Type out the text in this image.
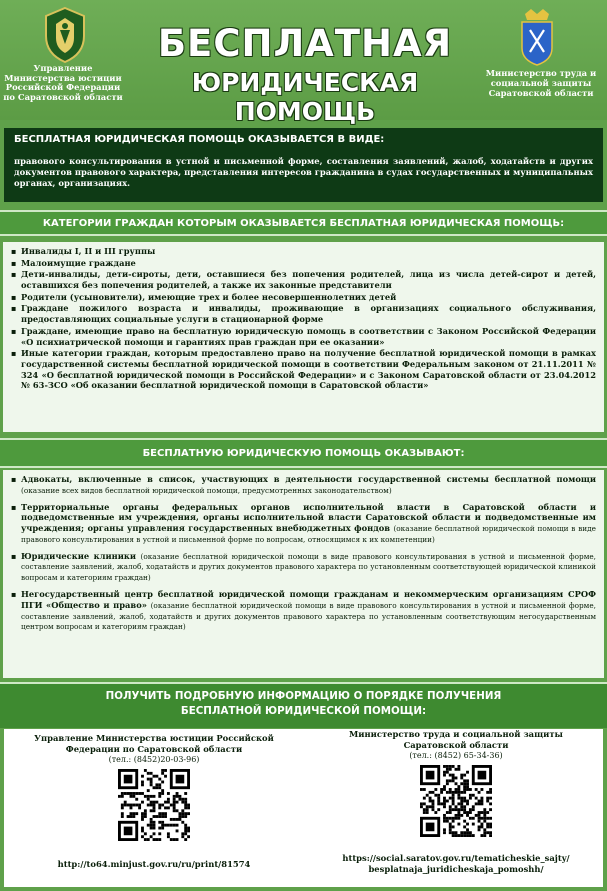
Управление Министерства юстиции Российской Федерации по Саратовской области
БЕСПЛАТНАЯ
ЮРИДИЧЕСКАЯ ПОМОЩЬ
Министерство труда и социальной защиты Саратовской области
БЕСПЛАТНАЯ ЮРИДИЧЕСКАЯ ПОМОЩЬ ОКАЗЫВАЕТСЯ В ВИДЕ:
правового консультирования в устной и письменной форме, составления заявлений, жалоб, ходатайств и других документов правового характера, представления интересов гражданина в судах государственных и муниципальных органах, организациях.
КАТЕГОРИИ ГРАЖДАН КОТОРЫМ ОКАЗЫВАЕТСЯ БЕСПЛАТНАЯ ЮРИДИЧЕСКАЯ ПОМОЩЬ:
▪ Инвалиды I, II и III группы
▪ Малоимущие граждане
▪ Дети-инвалиды, дети-сироты, дети, оставшиеся без попечения родителей, лица из числа детей-сирот и детей, оставшихся без попечения родителей, а также их законные представители
▪ Родители (усыновители), имеющие трех и более несовершеннолетних детей
▪ Граждане пожилого возраста и инвалиды, проживающие в организациях социального обслуживания, предоставляющих социальные услуги в стационарной форме
▪ Граждане, имеющие право на бесплатную юридическую помощь в соответствии с Законом Российской Федерации «О психиатрической помощи и гарантиях прав граждан при ее оказании»
▪ Иные категории граждан, которым предоставлено право на получение бесплатной юридической помощи в рамках государственной системы бесплатной юридической помощи в соответствии Федеральным законом от 21.11.2011 № 324 «О бесплатной юридической помощи в Российской Федерации» и с Законом Саратовской области от 23.04.2012 № 63-ЗСО «Об оказании бесплатной юридической помощи в Саратовской области»
БЕСПЛАТНУЮ ЮРИДИЧЕСКУЮ ПОМОЩЬ ОКАЗЫВАЮТ:
▪ Адвокаты, включенные в список, участвующих в деятельности государственной системы бесплатной помощи (оказание всех видов бесплатной юридической помощи, предусмотренных законодательством)
▪ Территориальные органы федеральных органов исполнительной власти в Саратовской области и подведомственные им учреждения, органы исполнительной власти Саратовской области и подведомственные им учреждения; органы управления государственных внебюджетных фондов (оказание бесплатной юридической помощи в виде правового консультирования в устной и письменной форме по вопросам, относящимся к их компетенции)
▪ Юридические клиники (оказание бесплатной юридической помощи в виде правового консультирования в устной и письменной форме, составление заявлений, жалоб, ходатайств и других документов правового характера по установленным соответствующей юридической клиникой вопросам и категориям граждан)
▪ Негосударственный центр бесплатной юридической помощи гражданам и некоммерческим организациям СРОФ ПГИ «Общество и право» (оказание бесплатной юридической помощи в виде правового консультирования в устной и письменной форме, составление заявлений, жалоб, ходатайств и других документов правового характера по установленным соответствующим негосударственным центром вопросам и категориям граждан)
ПОЛУЧИТЬ ПОДРОБНУЮ ИНФОРМАЦИЮ О ПОРЯДКЕ ПОЛУЧЕНИЯ
БЕСПЛАТНОЙ ЮРИДИЧЕСКОЙ ПОМОЩИ:
Управление Министерства юстиции Российской Федерации по Саратовской области
(тел.: (8452)20-03-96)
http://to64.minjust.gov.ru/ru/print/81574
Министерство труда и социальной защиты Саратовской области
(тел.: (8452) 65-34-36)
https://social.saratov.gov.ru/tematicheskie_sajty/
besplatnaja_juridicheskaja_pomoshh/
